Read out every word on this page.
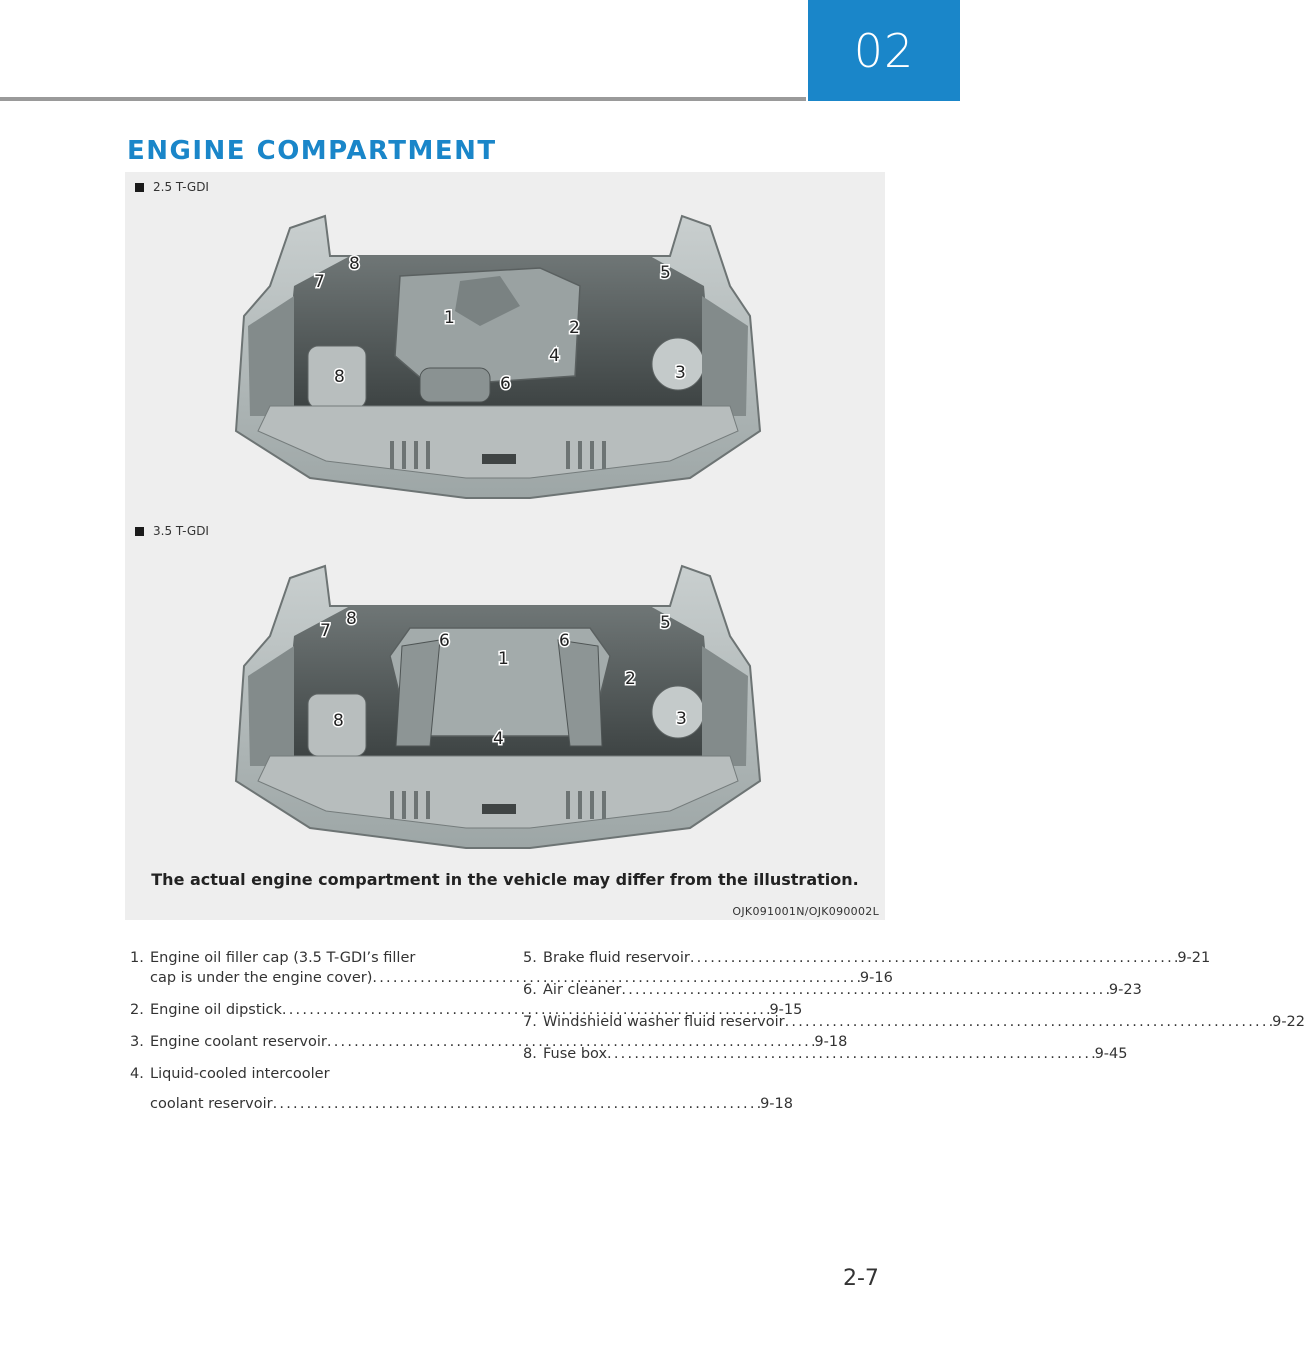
02
ENGINE COMPARTMENT
2.5 T-GDI
7
8	5
1	2
4
8	6
3
3.5 T-GDI
7
8	5
6	6
1
2
8	3
4
The actual engine compartment in the vehicle may differ from the illustration.
OJK091001N/OJK090002L
1. Engine oil filler cap (3.5 T-GDI’s filler
cap is under the engine cover) . . .	9-16
2. Engine oil dipstick . . .	9-15
3. Engine coolant reservoir . . .	9-18
4. Liquid-cooled intercooler
coolant reservoir . . .	9-18
5. Brake fluid reservoir . . .	9-21
6. Air cleaner . . .	9-23
7. Windshield washer fluid reservoir . . .	9-22
8. Fuse box . . .	9-45
2-7
